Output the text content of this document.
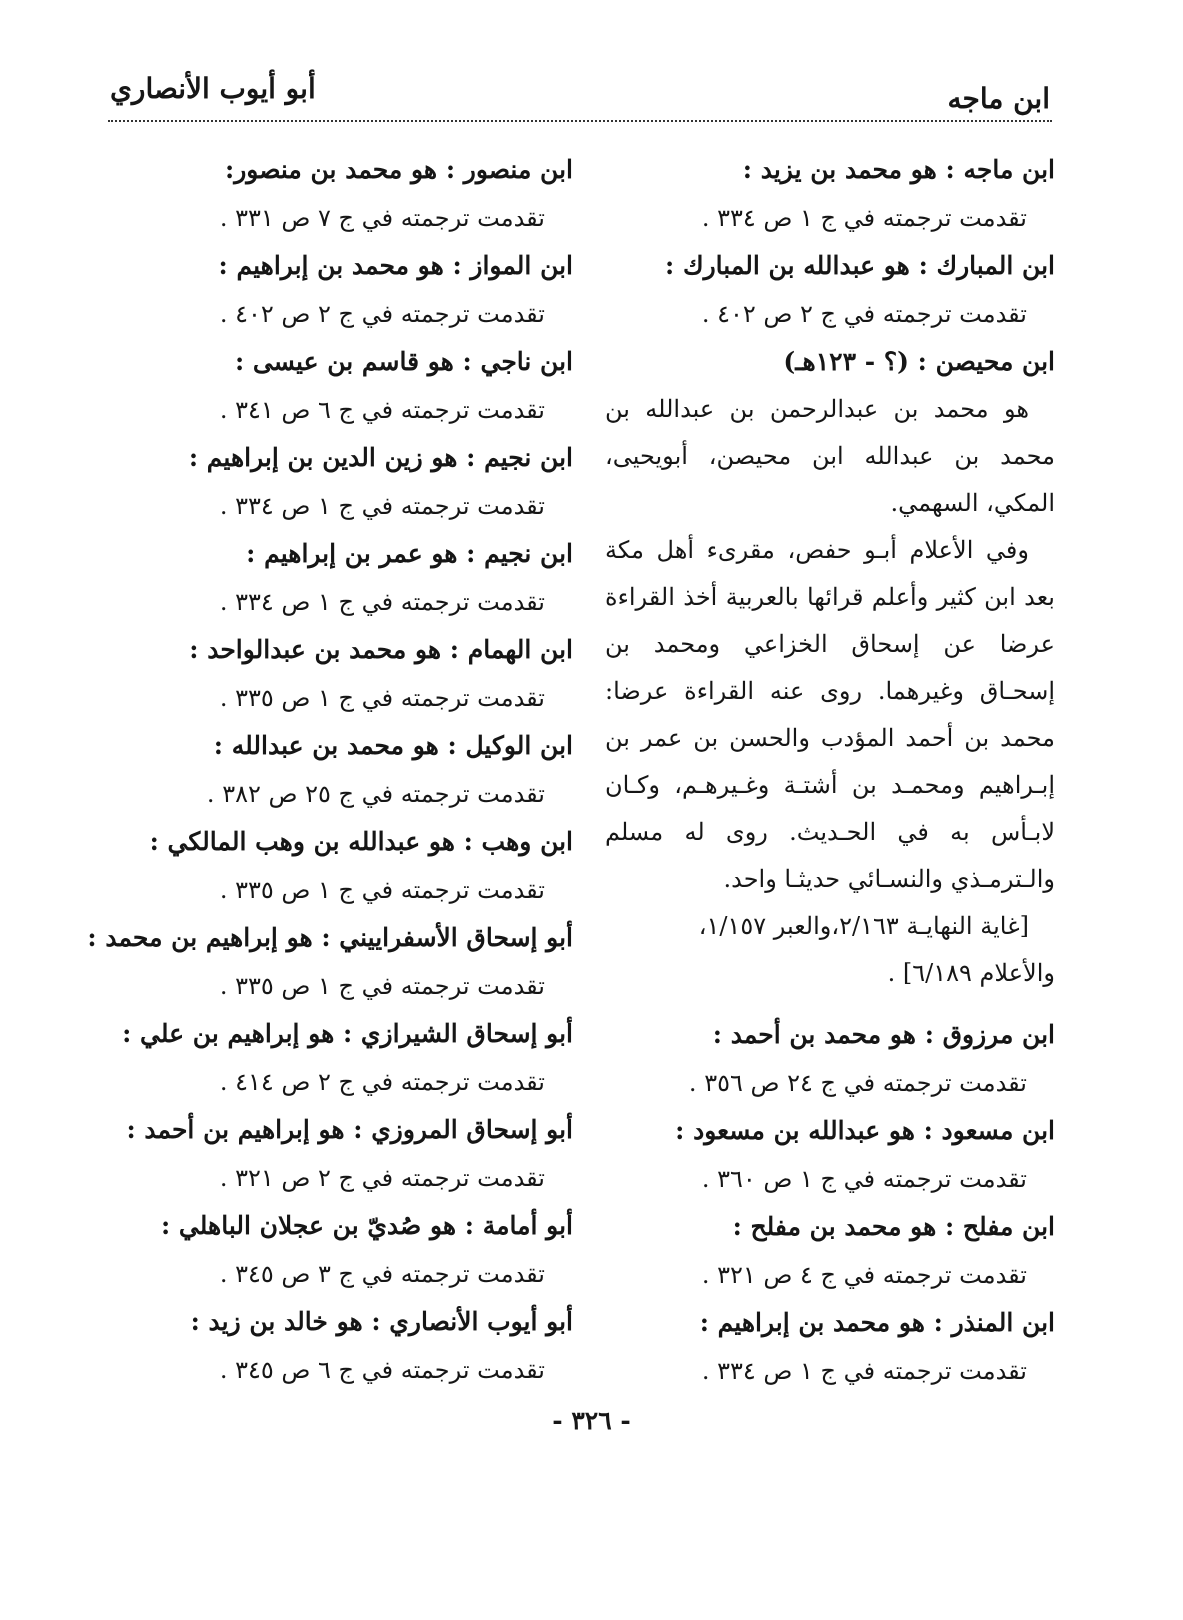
ابن ماجه
أبو أيوب الأنصاري
ابن ماجه : هو محمد بن يزيد :
تقدمت ترجمته في ج ١ ص ٣٣٤ .
ابن المبارك : هو عبدالله بن المبارك :
تقدمت ترجمته في ج ٢ ص ٤٠٢ .
ابن محيصن : (؟ - ١٢٣هـ)

هو محمد بن عبدالرحمن بن عبدالله بن محمد بن عبدالله ابن محيصن، أبويحيى، المكي، السهمي.

وفي الأعلام أبـو حفص، مقرىء أهل مكة بعد ابن كثير وأعلم قرائها بالعربية أخذ القراءة عرضا عن إسحاق الخزاعي ومحمد بن إسحـاق وغيرهما. روى عنه القراءة عرضا: محمد بن أحمد المؤدب والحسن بن عمر بن إبـراهيم ومحمـد بن أشتـة وغـيرهـم، وكـان لابـأس به في الحـديث. روى له مسلم والـترمـذي والنسـائي حديثـا واحد.

[غاية النهايـة ٢/١٦٣،والعبر ١/١٥٧،

والأعلام ٦/١٨٩] .

ابن مرزوق : هو محمد بن أحمد :
تقدمت ترجمته في ج ٢٤ ص ٣٥٦ .
ابن مسعود : هو عبدالله بن مسعود :
تقدمت ترجمته في ج ١ ص ٣٦٠ .
ابن مفلح : هو محمد بن مفلح :
تقدمت ترجمته في ج ٤ ص ٣٢١ .
ابن المنذر : هو محمد بن إبراهيم :
تقدمت ترجمته في ج ١ ص ٣٣٤ .
ابن منصور : هو محمد بن منصور:
تقدمت ترجمته في ج ٧ ص ٣٣١ .
ابن المواز : هو محمد بن إبراهيم :
تقدمت ترجمته في ج ٢ ص ٤٠٢ .
ابن ناجي : هو قاسم بن عيسى :
تقدمت ترجمته في ج ٦ ص ٣٤١ .
ابن نجيم : هو زين الدين بن إبراهيم :
تقدمت ترجمته في ج ١ ص ٣٣٤ .
ابن نجيم : هو عمر بن إبراهيم :
تقدمت ترجمته في ج ١ ص ٣٣٤ .
ابن الهمام : هو محمد بن عبدالواحد :
تقدمت ترجمته في ج ١ ص ٣٣٥ .
ابن الوكيل : هو محمد بن عبدالله :
تقدمت ترجمته في ج ٢٥ ص ٣٨٢ .
ابن وهب : هو عبدالله بن وهب المالكي :
تقدمت ترجمته في ج ١ ص ٣٣٥ .
أبو إسحاق الأسفراييني : هو إبراهيم بن محمد :
تقدمت ترجمته في ج ١ ص ٣٣٥ .
أبو إسحاق الشيرازي : هو إبراهيم بن علي :
تقدمت ترجمته في ج ٢ ص ٤١٤ .
أبو إسحاق المروزي : هو إبراهيم بن أحمد :
تقدمت ترجمته في ج ٢ ص ٣٢١ .
أبو أمامة : هو صُديّ بن عجلان الباهلي :
تقدمت ترجمته في ج ٣ ص ٣٤٥ .
أبو أيوب الأنصاري : هو خالد بن زيد :
تقدمت ترجمته في ج ٦ ص ٣٤٥ .
- ٣٢٦ -
